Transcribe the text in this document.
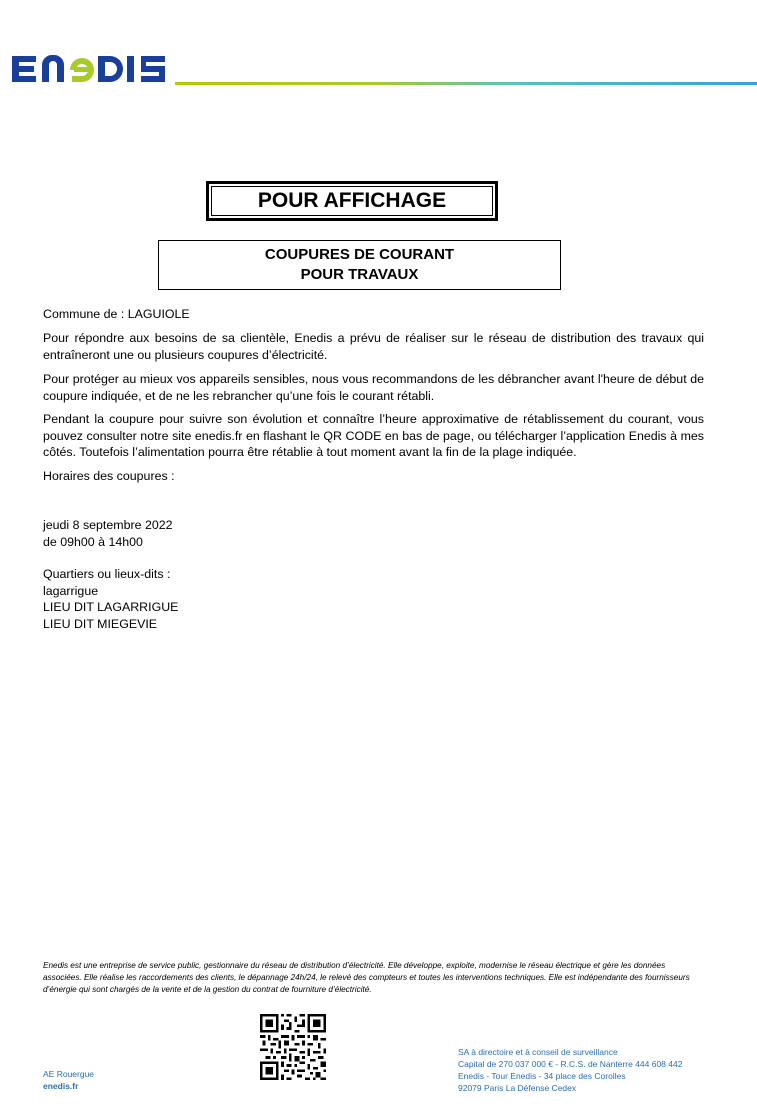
POUR AFFICHAGE
COUPURES DE COURANT
POUR TRAVAUX
Commune de : LAGUIOLE
Pour répondre aux besoins de sa clientèle, Enedis a prévu de réaliser sur le réseau de distribution des travaux qui entraîneront une ou plusieurs coupures d’électricité.
Pour protéger au mieux vos appareils sensibles, nous vous recommandons de les débrancher avant l'heure de début de coupure indiquée, et de ne les rebrancher qu’une fois le courant rétabli.
Pendant la coupure pour suivre son évolution et connaître l’heure approximative de rétablissement du courant, vous pouvez consulter notre site enedis.fr en flashant le QR CODE en bas de page, ou télécharger l’application Enedis à mes côtés. Toutefois l’alimentation pourra être rétablie à tout moment avant la fin de la plage indiquée.
Horaires des coupures :
jeudi 8 septembre 2022
de 09h00 à 14h00
Quartiers ou lieux-dits :
lagarrigue
LIEU DIT LAGARRIGUE
LIEU DIT MIEGEVIE
Enedis est une entreprise de service public, gestionnaire du réseau de distribution d’électricité. Elle développe, exploite, modernise le réseau électrique et gère les données associées. Elle réalise les raccordements des clients, le dépannage 24h/24, le relevé des compteurs et toutes les interventions techniques. Elle est indépendante des fournisseurs d’énergie qui sont chargés de la vente et de la gestion du contrat de fourniture d’électricité.
AE Rouergue
enedis.fr
SA à directoire et à conseil de surveillance
Capital de 270 037 000 € - R.C.S. de Nanterre 444 608 442
Enedis - Tour Enedis - 34 place des Corolles
92079 Paris La Défense Cedex
